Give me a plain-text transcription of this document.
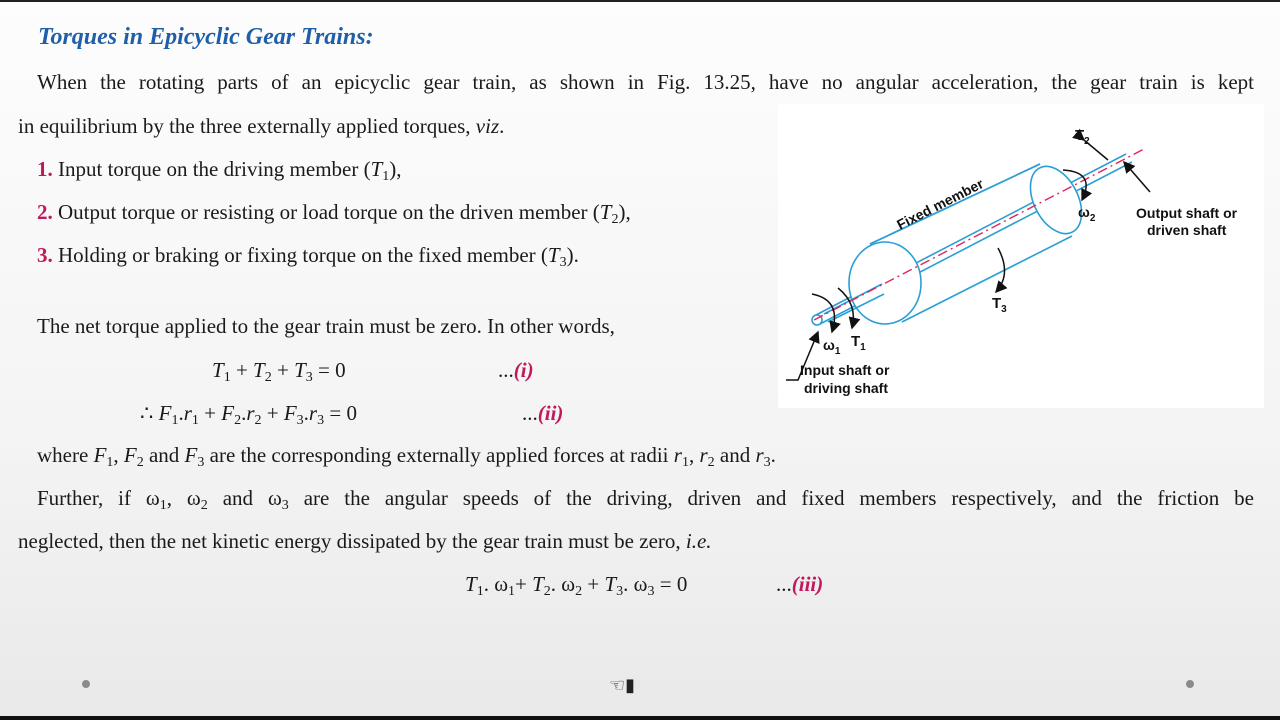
Torques in Epicyclic Gear Trains:
When the rotating parts of an epicyclic gear train, as shown in Fig. 13.25, have no angular acceleration, the gear train is kept
in equilibrium by the three externally applied torques, viz.
1. Input torque on the driving member $(T_1)$,
2. Output torque or resisting or load torque on the driven member $(T_2)$,
3. Holding or braking or fixing torque on the fixed member $(T_3)$.
The net torque applied to the gear train must be zero. In other words,
$T_1 + T_2 + T_3 = 0$	...(i)
∴ $F_1.r_1 + F_2.r_2 + F_3.r_3 = 0$	...(ii)
where $F_1$, $F_2$ and $F_3$ are the corresponding externally applied forces at radii $r_1$, $r_2$ and $r_3$.
Further, if $\omega_1$, $\omega_2$ and $\omega_3$ are the angular speeds of the driving, driven and fixed members respectively, and the friction be
neglected, then the net kinetic energy dissipated by the gear train must be zero, i.e.
$T_1$. $\omega_1+ T_2$. $\omega_2 + T_3$. $\omega_3 = 0$	...(iii)
Fixed member	Output shaft or
driven shaft
Input shaft or
driving shaft
$T_2$
$\omega_2$
$T_3$
$\omega_1$
$T_1$
☜▮
